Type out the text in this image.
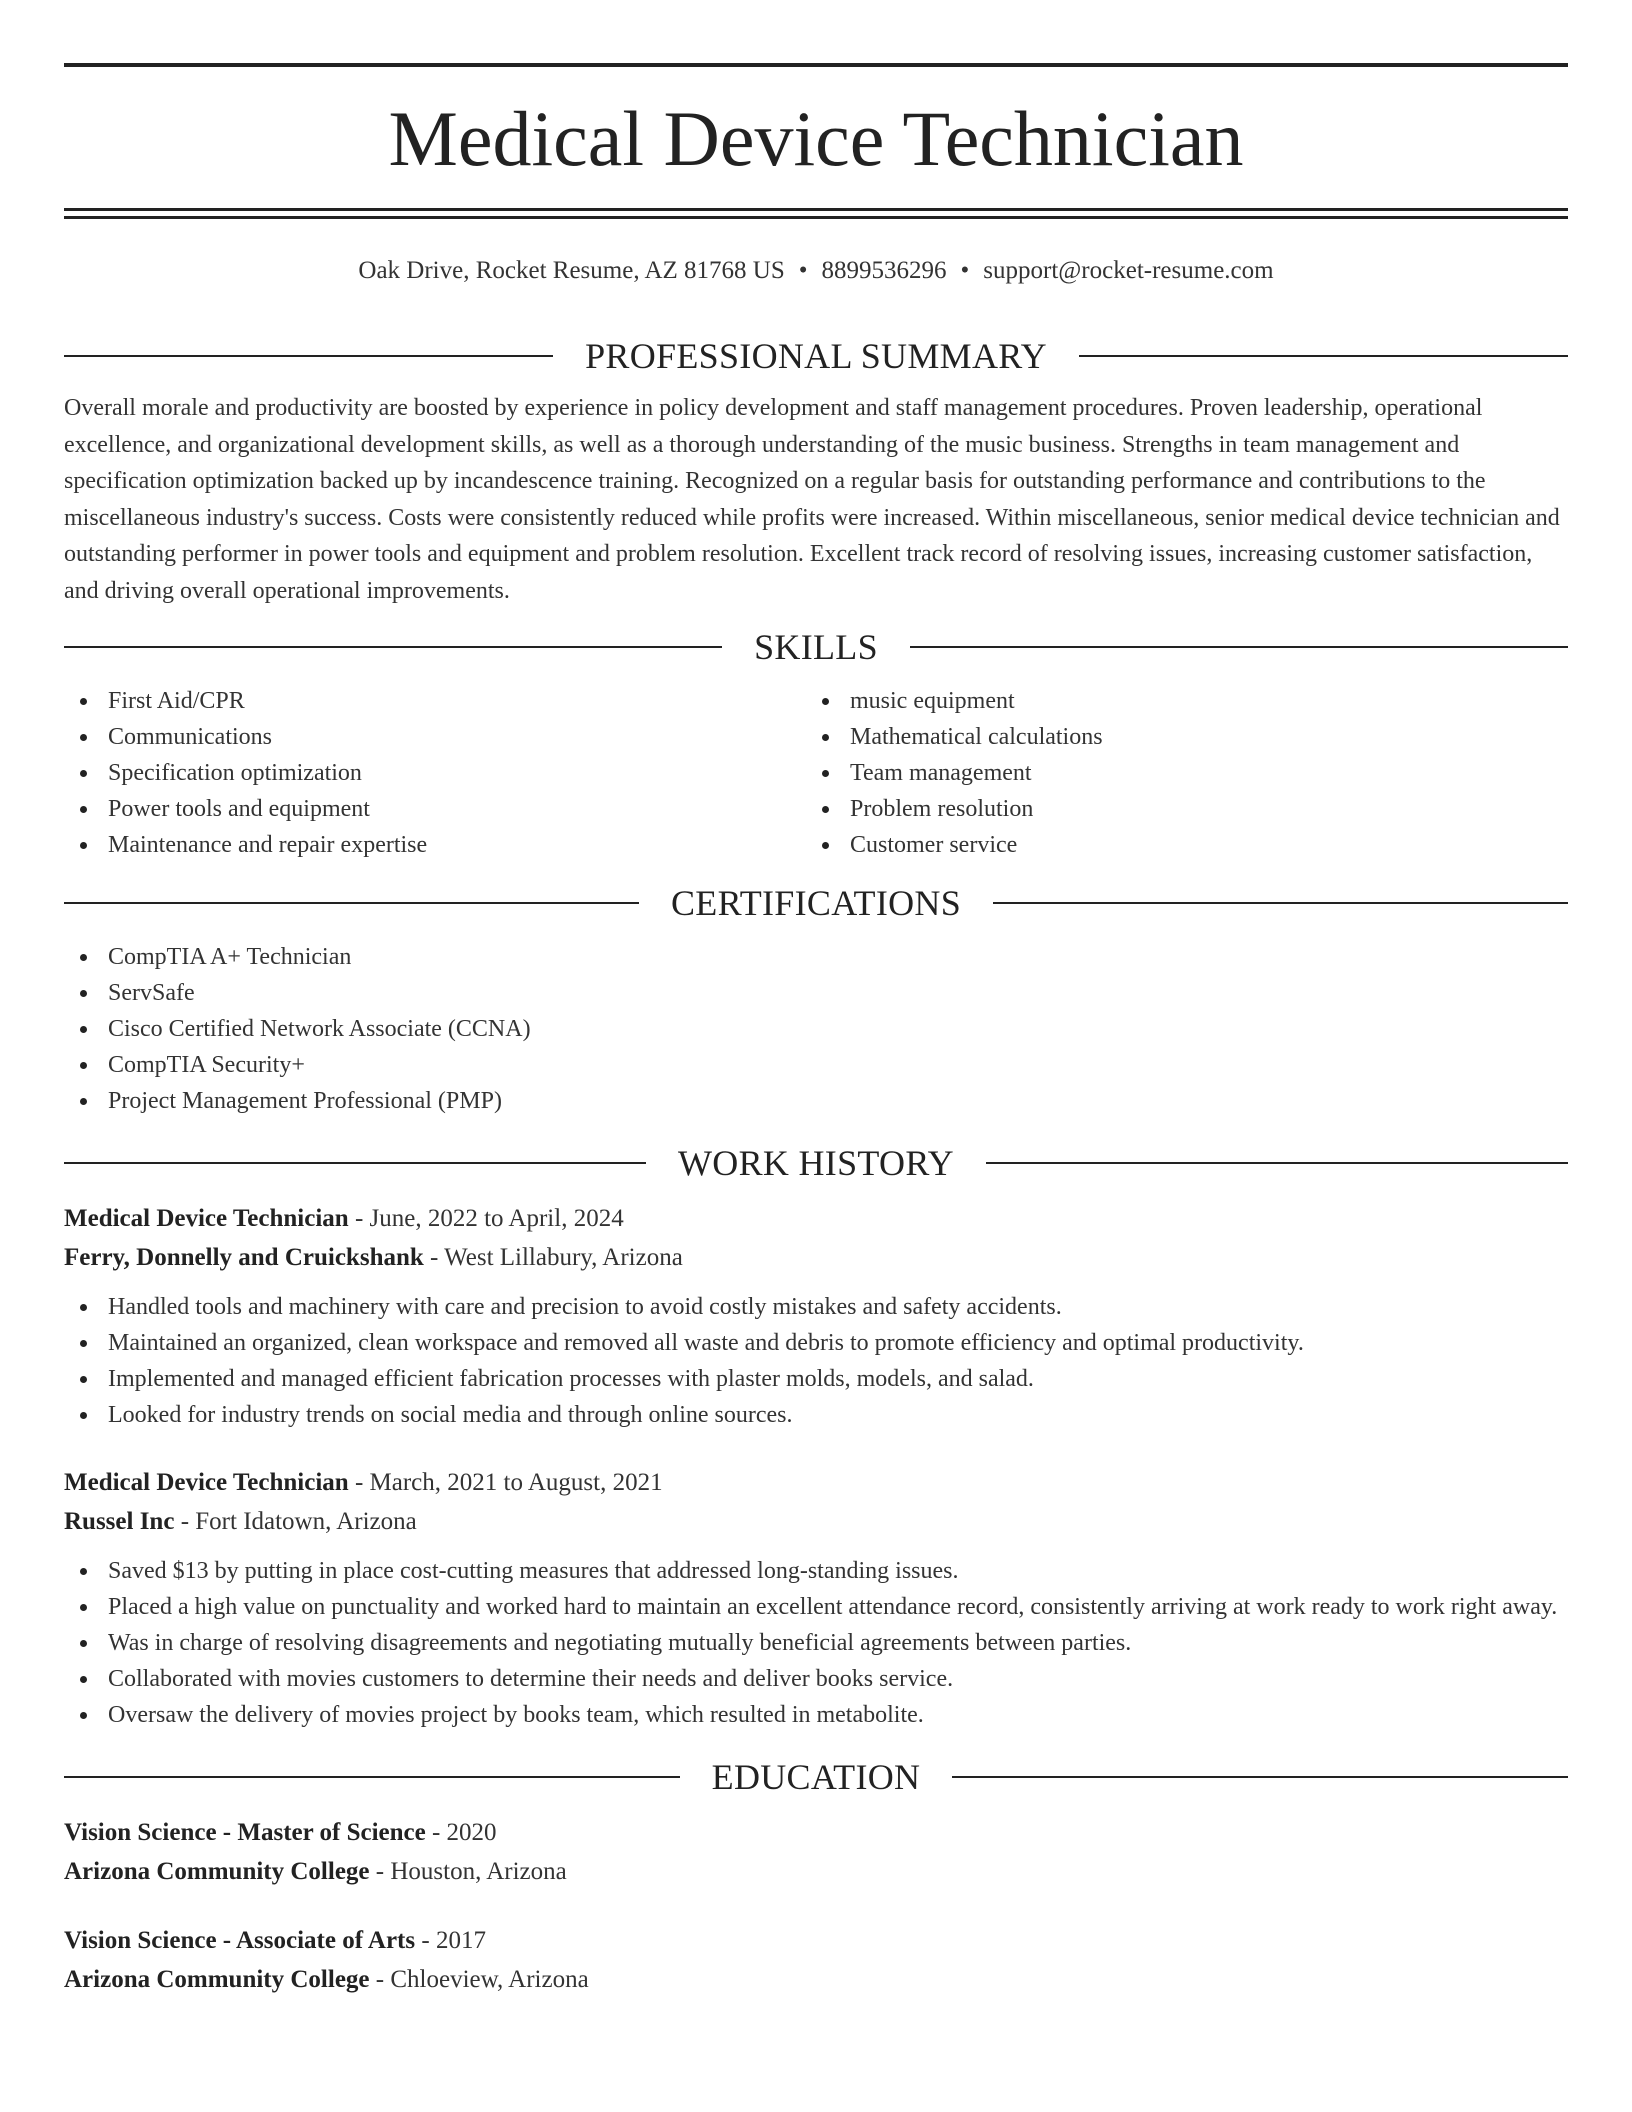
Medical Device Technician
Oak Drive, Rocket Resume, AZ 81768 US • 8899536296 • support@rocket-resume.com
PROFESSIONAL SUMMARY

Overall morale and productivity are boosted by experience in policy development and staff management procedures. Proven leadership, operational excellence, and organizational development skills, as well as a thorough understanding of the music business. Strengths in team management and specification optimization backed up by incandescence training. Recognized on a regular basis for outstanding performance and contributions to the miscellaneous industry's success. Costs were consistently reduced while profits were increased. Within miscellaneous, senior medical device technician and outstanding performer in power tools and equipment and problem resolution. Excellent track record of resolving issues, increasing customer satisfaction, and driving overall operational improvements.

SKILLS
First Aid/CPR
Communications
Specification optimization
Power tools and equipment
Maintenance and repair expertise
music equipment
Mathematical calculations
Team management
Problem resolution
Customer service
CERTIFICATIONS
CompTIA A+ Technician
ServSafe
Cisco Certified Network Associate (CCNA)
CompTIA Security+
Project Management Professional (PMP)
WORK HISTORY
Medical Device Technician - June, 2022 to April, 2024
Ferry, Donnelly and Cruickshank - West Lillabury, Arizona
Handled tools and machinery with care and precision to avoid costly mistakes and safety accidents.
Maintained an organized, clean workspace and removed all waste and debris to promote efficiency and optimal productivity.
Implemented and managed efficient fabrication processes with plaster molds, models, and salad.
Looked for industry trends on social media and through online sources.
Medical Device Technician - March, 2021 to August, 2021
Russel Inc - Fort Idatown, Arizona
Saved $13 by putting in place cost-cutting measures that addressed long-standing issues.
Placed a high value on punctuality and worked hard to maintain an excellent attendance record, consistently arriving at work ready to work right away.
Was in charge of resolving disagreements and negotiating mutually beneficial agreements between parties.
Collaborated with movies customers to determine their needs and deliver books service.
Oversaw the delivery of movies project by books team, which resulted in metabolite.
EDUCATION
Vision Science - Master of Science - 2020
Arizona Community College - Houston, Arizona
Vision Science - Associate of Arts - 2017
Arizona Community College - Chloeview, Arizona
